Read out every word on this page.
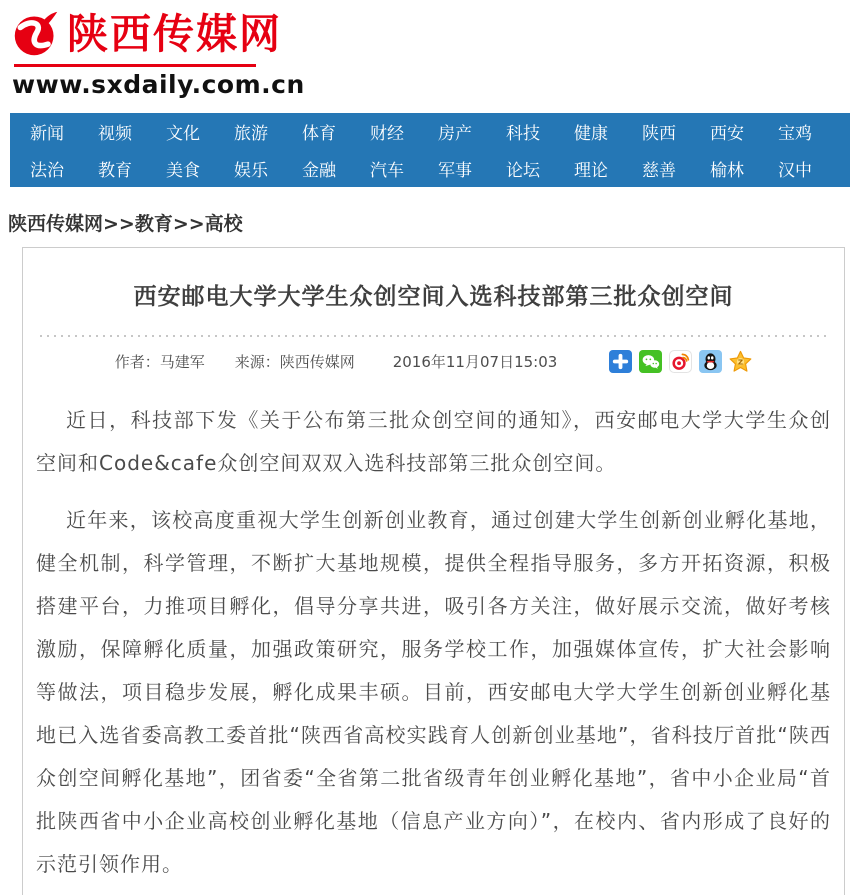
陕西传媒网
www.sxdaily.com.cn
新闻	视频	文化	旅游	体育	财经	房产	科技	健康	陕西	西安	宝鸡
法治	教育	美食	娱乐	金融	汽车	军事	论坛	理论	慈善	榆林	汉中
陕西传媒网>>教育>>高校
西安邮电大学大学生众创空间入选科技部第三批众创空间
作者：马建军 来源：陕西传媒网	2016年11月07日15:03	Z

近日，科技部下发《关于公布第三批众创空间的通知》，西安邮电大学大学生众创空间和Code&cafe众创空间双双入选科技部第三批众创空间。

近年来，该校高度重视大学生创新创业教育，通过创建大学生创新创业孵化基地，健全机制，科学管理，不断扩大基地规模，提供全程指导服务，多方开拓资源，积极搭建平台，力推项目孵化，倡导分享共进，吸引各方关注，做好展示交流，做好考核激励，保障孵化质量，加强政策研究，服务学校工作，加强媒体宣传，扩大社会影响等做法，项目稳步发展，孵化成果丰硕。目前，西安邮电大学大学生创新创业孵化基地已入选省委高教工委首批“陕西省高校实践育人创新创业基地”，省科技厅首批“陕西众创空间孵化基地”，团省委“全省第二批省级青年创业孵化基地”，省中小企业局“首批陕西省中小企业高校创业孵化基地（信息产业方向）”，在校内、省内形成了良好的示范引领作用。
